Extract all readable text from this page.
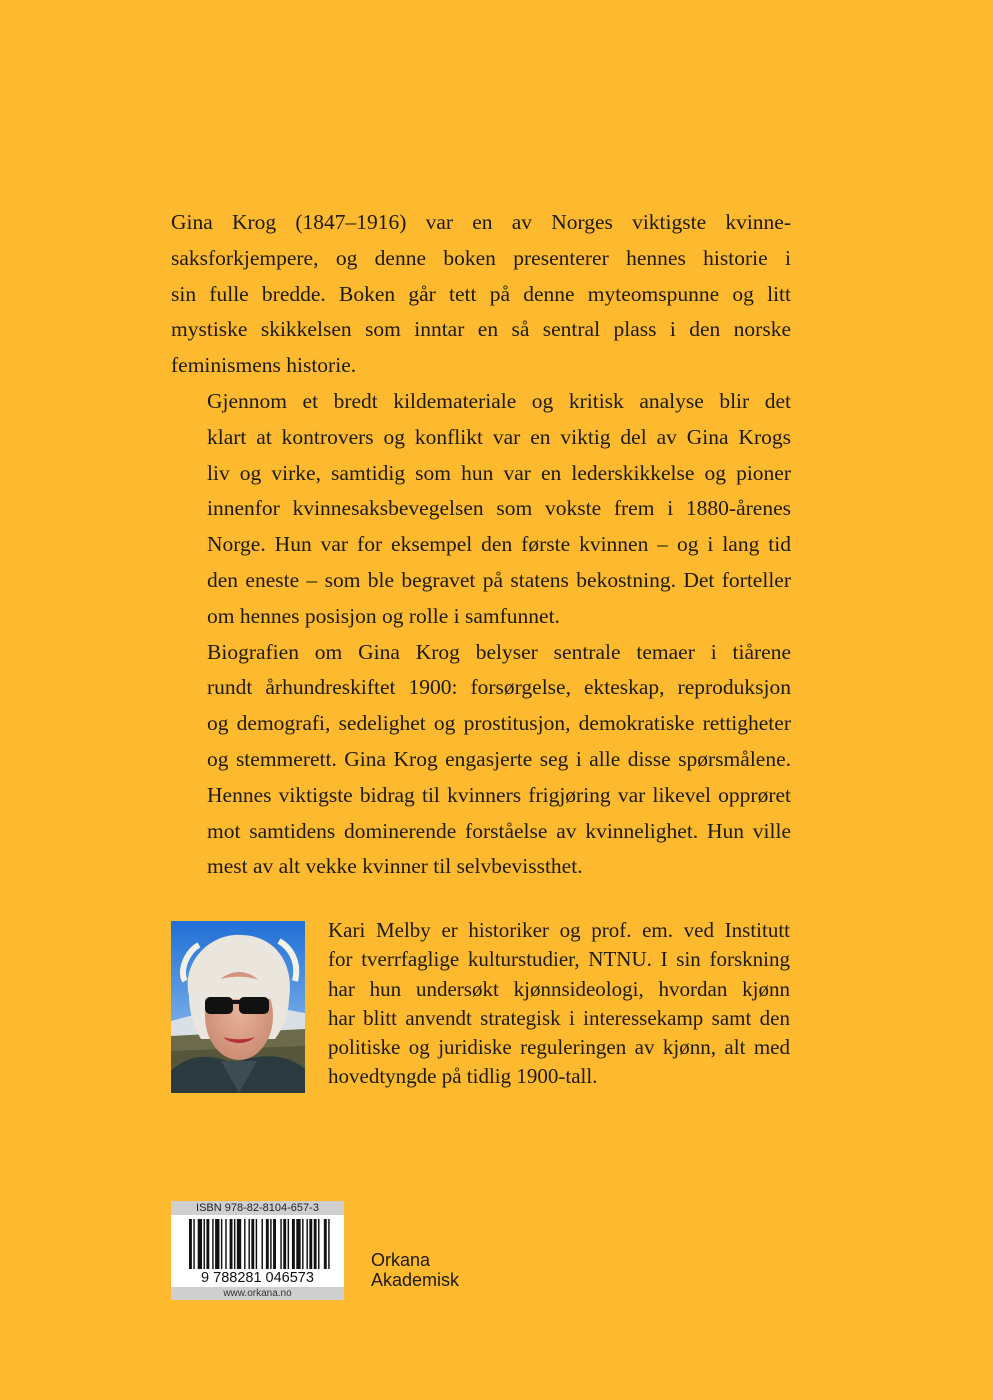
Gina Krog (1847–1916) var en av Norges viktigste kvinne-
saksforkjempere, og denne boken presenterer hennes historie i
sin fulle bredde. Boken går tett på denne myteomspunne og litt
mystiske skikkelsen som inntar en så sentral plass i den norske
feminismens historie.

Gjennom et bredt kildemateriale og kritisk analyse blir det
klart at kontrovers og konflikt var en viktig del av Gina Krogs
liv og virke, samtidig som hun var en lederskikkelse og pioner
innenfor kvinnesaksbevegelsen som vokste frem i 1880-årenes
Norge. Hun var for eksempel den første kvinnen – og i lang tid
den eneste – som ble begravet på statens bekostning. Det forteller
om hennes posisjon og rolle i samfunnet.

Biografien om Gina Krog belyser sentrale temaer i tiårene
rundt århundreskiftet 1900: forsørgelse, ekteskap, reproduksjon
og demografi, sedelighet og prostitusjon, demokratiske rettigheter
og stemmerett. Gina Krog engasjerte seg i alle disse spørsmålene.
Hennes viktigste bidrag til kvinners frigjøring var likevel opprøret
mot samtidens dominerende forståelse av kvinnelighet. Hun ville
mest av alt vekke kvinner til selvbevissthet.

Kari Melby er historiker og prof. em. ved Institutt
for tverrfaglige kulturstudier, NTNU. I sin forskning
har hun undersøkt kjønnsideologi, hvordan kjønn
har blitt anvendt strategisk i interessekamp samt den
politiske og juridiske reguleringen av kjønn, alt med
hovedtyngde på tidlig 1900-tall.
ISBN 978-82-8104-657-3
9 788281 046573
www.orkana.no
Orkana
Akademisk
